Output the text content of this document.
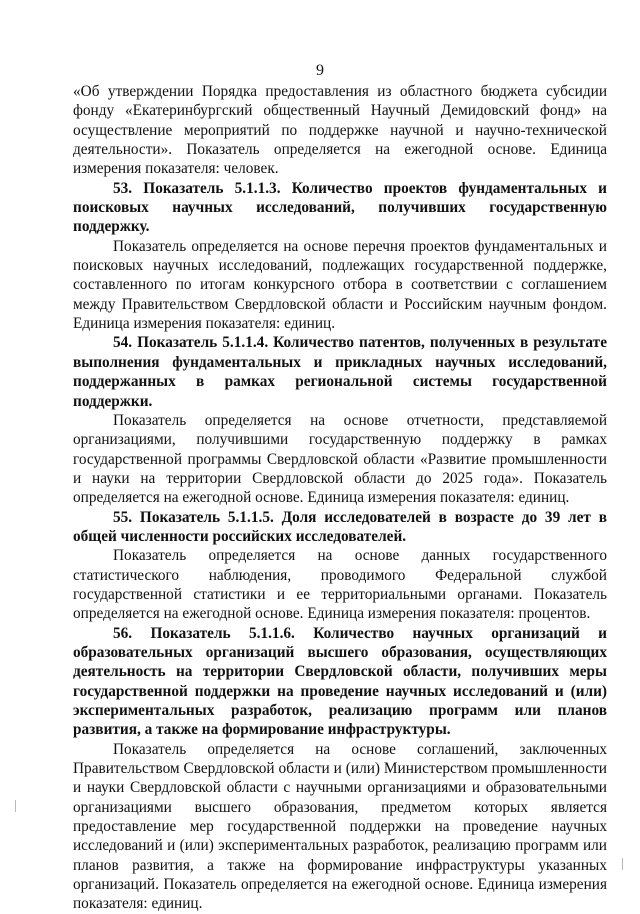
9

«Об утверждении Порядка предоставления из областного бюджета субсидии фонду «Екатеринбургский общественный Научный Демидовский фонд» на осуществление мероприятий по поддержке научной и научно-технической деятельности». Показатель определяется на ежегодной основе. Единица измерения показателя: человек.

53. Показатель 5.1.1.3. Количество проектов фундаментальных и поисковых научных исследований, получивших государственную поддержку.

Показатель определяется на основе перечня проектов фундаментальных и поисковых научных исследований, подлежащих государственной поддержке, составленного по итогам конкурсного отбора в соответствии с соглашением между Правительством Свердловской области и Российским научным фондом. Единица измерения показателя: единиц.

54. Показатель 5.1.1.4. Количество патентов, полученных в результате выполнения фундаментальных и прикладных научных исследований, поддержанных в рамках региональной системы государственной поддержки.

Показатель определяется на основе отчетности, представляемой организациями, получившими государственную поддержку в рамках государственной программы Свердловской области «Развитие промышленности и науки на территории Свердловской области до 2025 года». Показатель определяется на ежегодной основе. Единица измерения показателя: единиц.

55. Показатель 5.1.1.5. Доля исследователей в возрасте до 39 лет в общей численности российских исследователей.

Показатель определяется на основе данных государственного статистического наблюдения, проводимого Федеральной службой государственной статистики и ее территориальными органами. Показатель определяется на ежегодной основе. Единица измерения показателя: процентов.

56. Показатель 5.1.1.6. Количество научных организаций и образовательных организаций высшего образования, осуществляющих деятельность на территории Свердловской области, получивших меры государственной поддержки на проведение научных исследований и (или) экспериментальных разработок, реализацию программ или планов развития, а также на формирование инфраструктуры.

Показатель определяется на основе соглашений, заключенных Правительством Свердловской области и (или) Министерством промышленности и науки Свердловской области с научными организациями и образовательными организациями высшего образования, предметом которых является предоставление мер государственной поддержки на проведение научных исследований и (или) экспериментальных разработок, реализацию программ или планов развития, а также на формирование инфраструктуры указанных организаций. Показатель определяется на ежегодной основе. Единица измерения показателя: единиц.
